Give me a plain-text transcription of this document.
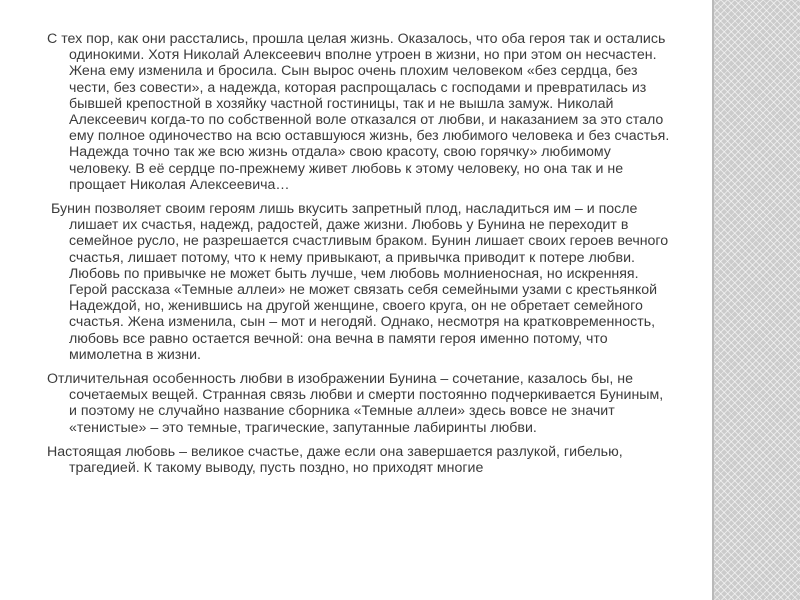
С тех пор, как они расстались, прошла целая жизнь. Оказалось, что оба героя так и остались одинокими. Хотя Николай Алексеевич вполне утроен в жизни, но при этом он несчастен. Жена ему изменила и бросила. Сын вырос очень плохим человеком «без сердца, без чести, без совести», а надежда, которая распрощалась с господами и превратилась из бывшей крепостной в хозяйку частной гостиницы, так и не вышла замуж. Николай Алексеевич когда-то по собственной воле отказался от любви, и наказанием за это стало ему полное одиночество на всю оставшуюся жизнь, без любимого человека и без счастья. Надежда точно так же всю жизнь отдала» свою красоту, свою горячку» любимому человеку. В её сердце по-прежнему живет любовь к этому человеку, но она так и не прощает Николая Алексеевича…

Бунин позволяет своим героям лишь вкусить запретный плод, насладиться им – и после лишает их счастья, надежд, радостей, даже жизни. Любовь у Бунина не переходит в семейное русло, не разрешается счастливым браком. Бунин лишает своих героев вечного счастья, лишает потому, что к нему привыкают, а привычка приводит к потере любви. Любовь по привычке не может быть лучше, чем любовь молниеносная, но искренняя. Герой рассказа «Темные аллеи» не может связать себя семейными узами с крестьянкой Надеждой, но, женившись на другой женщине, своего круга, он не обретает семейного счастья. Жена изменила, сын – мот и негодяй. Однако, несмотря на кратковременность, любовь все равно остается вечной: она вечна в памяти героя именно потому, что мимолетна в жизни.

Отличительная особенность любви в изображении Бунина – сочетание, казалось бы, не сочетаемых вещей. Странная связь любви и смерти постоянно подчеркивается Буниным, и поэтому не случайно название сборника «Темные аллеи» здесь вовсе не значит «тенистые» – это темные, трагические, запутанные лабиринты любви.

Настоящая любовь – великое счастье, даже если она завершается разлукой, гибелью, трагедией. К такому выводу, пусть поздно, но приходят многие
